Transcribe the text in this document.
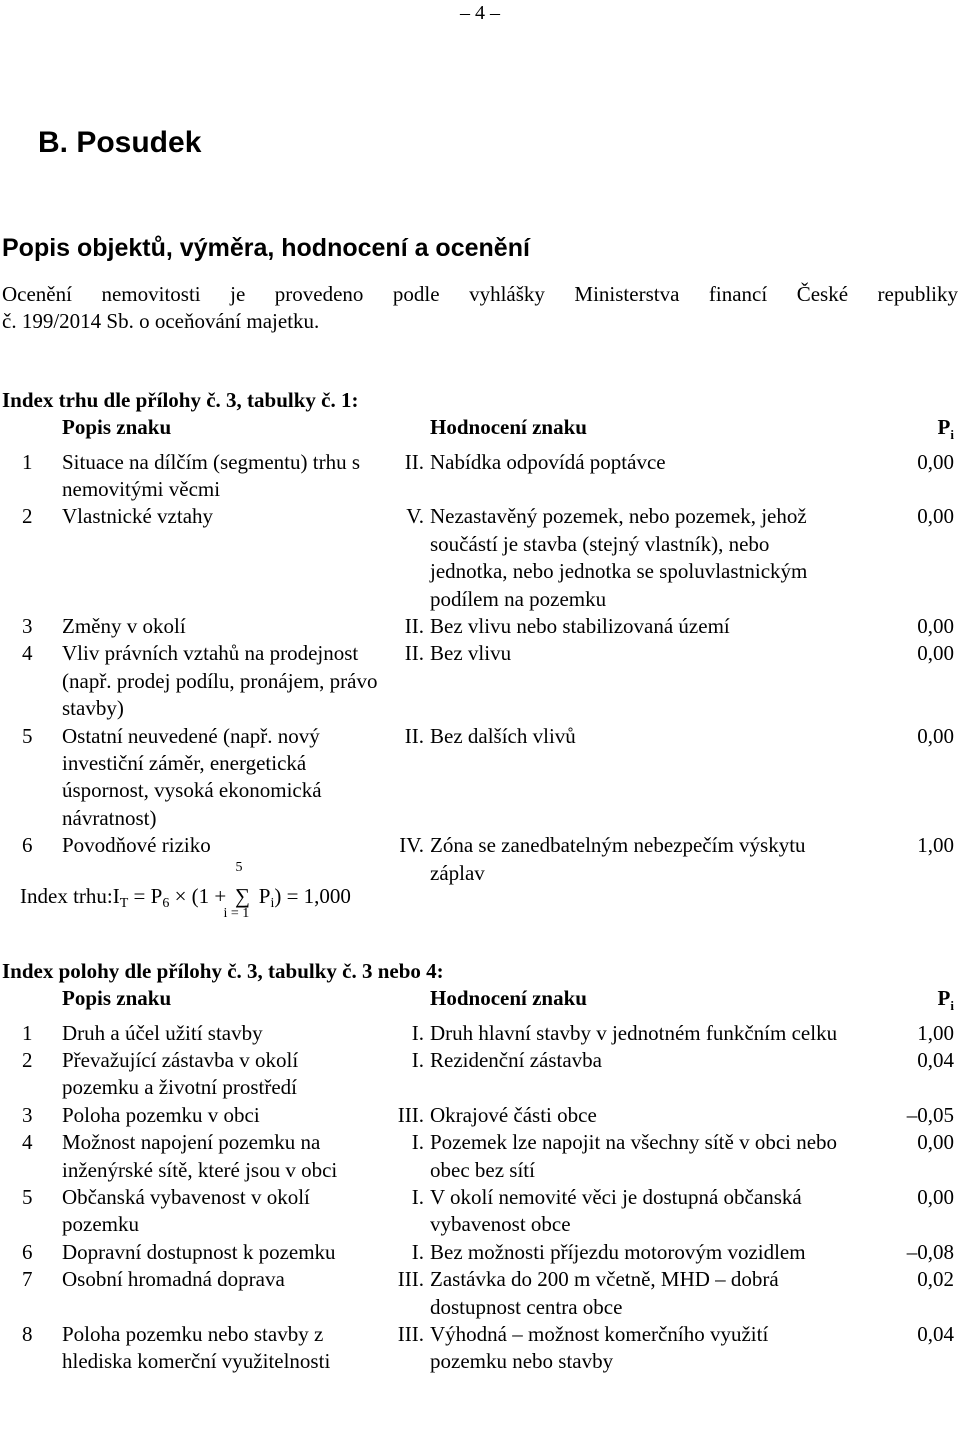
– 4 –
B. Posudek
Popis objektů, výměra, hodnocení a ocenění
Ocenění nemovitosti je provedeno podle vyhlášky Ministerstva financí České republiky
č. 199/2014 Sb. o oceňování majetku.
Index trhu dle přílohy č. 3, tabulky č. 1:
	Popis znaku		Hodnocení znaku	$P_i$
1	Situace na dílčím (segmentu) trhu s nemovitými věcmi	II.	Nabídka odpovídá poptávce	0,00
2	Vlastnické vztahy	V.	Nezastavěný pozemek, nebo pozemek, jehož součástí je stavba (stejný vlastník), nebo jednotka, nebo jednotka se spoluvlastnickým podílem na pozemku	0,00
3	Změny v okolí	II.	Bez vlivu nebo stabilizovaná území	0,00
4	Vliv právních vztahů na prodejnost (např. prodej podílu, pronájem, právo stavby)	II.	Bez vlivu	0,00
5	Ostatní neuvedené (např. nový investiční záměr, energetická úspornost, vysoká ekonomická návratnost)	II.	Bez dalších vlivů	0,00
6	Povodňové riziko	IV.	Zóna se zanedbatelným nebezpečím výskytu záplav	1,00
Index $trhu:I_T = P_6 \times (1$ +
5
∑
i = 1
$P_i) = 1,000$
Index polohy dle přílohy č. 3, tabulky č. 3 nebo 4:
	Popis znaku		Hodnocení znaku	$P_i$
1	Druh a účel užití stavby	I.	Druh hlavní stavby v jednotném funkčním celku	1,00
2	Převažující zástavba v okolí pozemku a životní prostředí	I.	Rezidenční zástavba	0,04
3	Poloha pozemku v obci	III.	Okrajové části obce	–0,05
4	Možnost napojení pozemku na inženýrské sítě, které jsou v obci	I.	Pozemek lze napojit na všechny sítě v obci nebo obec bez sítí	0,00
5	Občanská vybavenost v okolí pozemku	I.	V okolí nemovité věci je dostupná občanská vybavenost obce	0,00
6	Dopravní dostupnost k pozemku	I.	Bez možnosti příjezdu motorovým vozidlem	–0,08
7	Osobní hromadná doprava	III.	Zastávka do 200 m včetně, MHD – dobrá dostupnost centra obce	0,02
8	Poloha pozemku nebo stavby z hlediska komerční využitelnosti	III.	Výhodná – možnost komerčního využití pozemku nebo stavby	0,04
